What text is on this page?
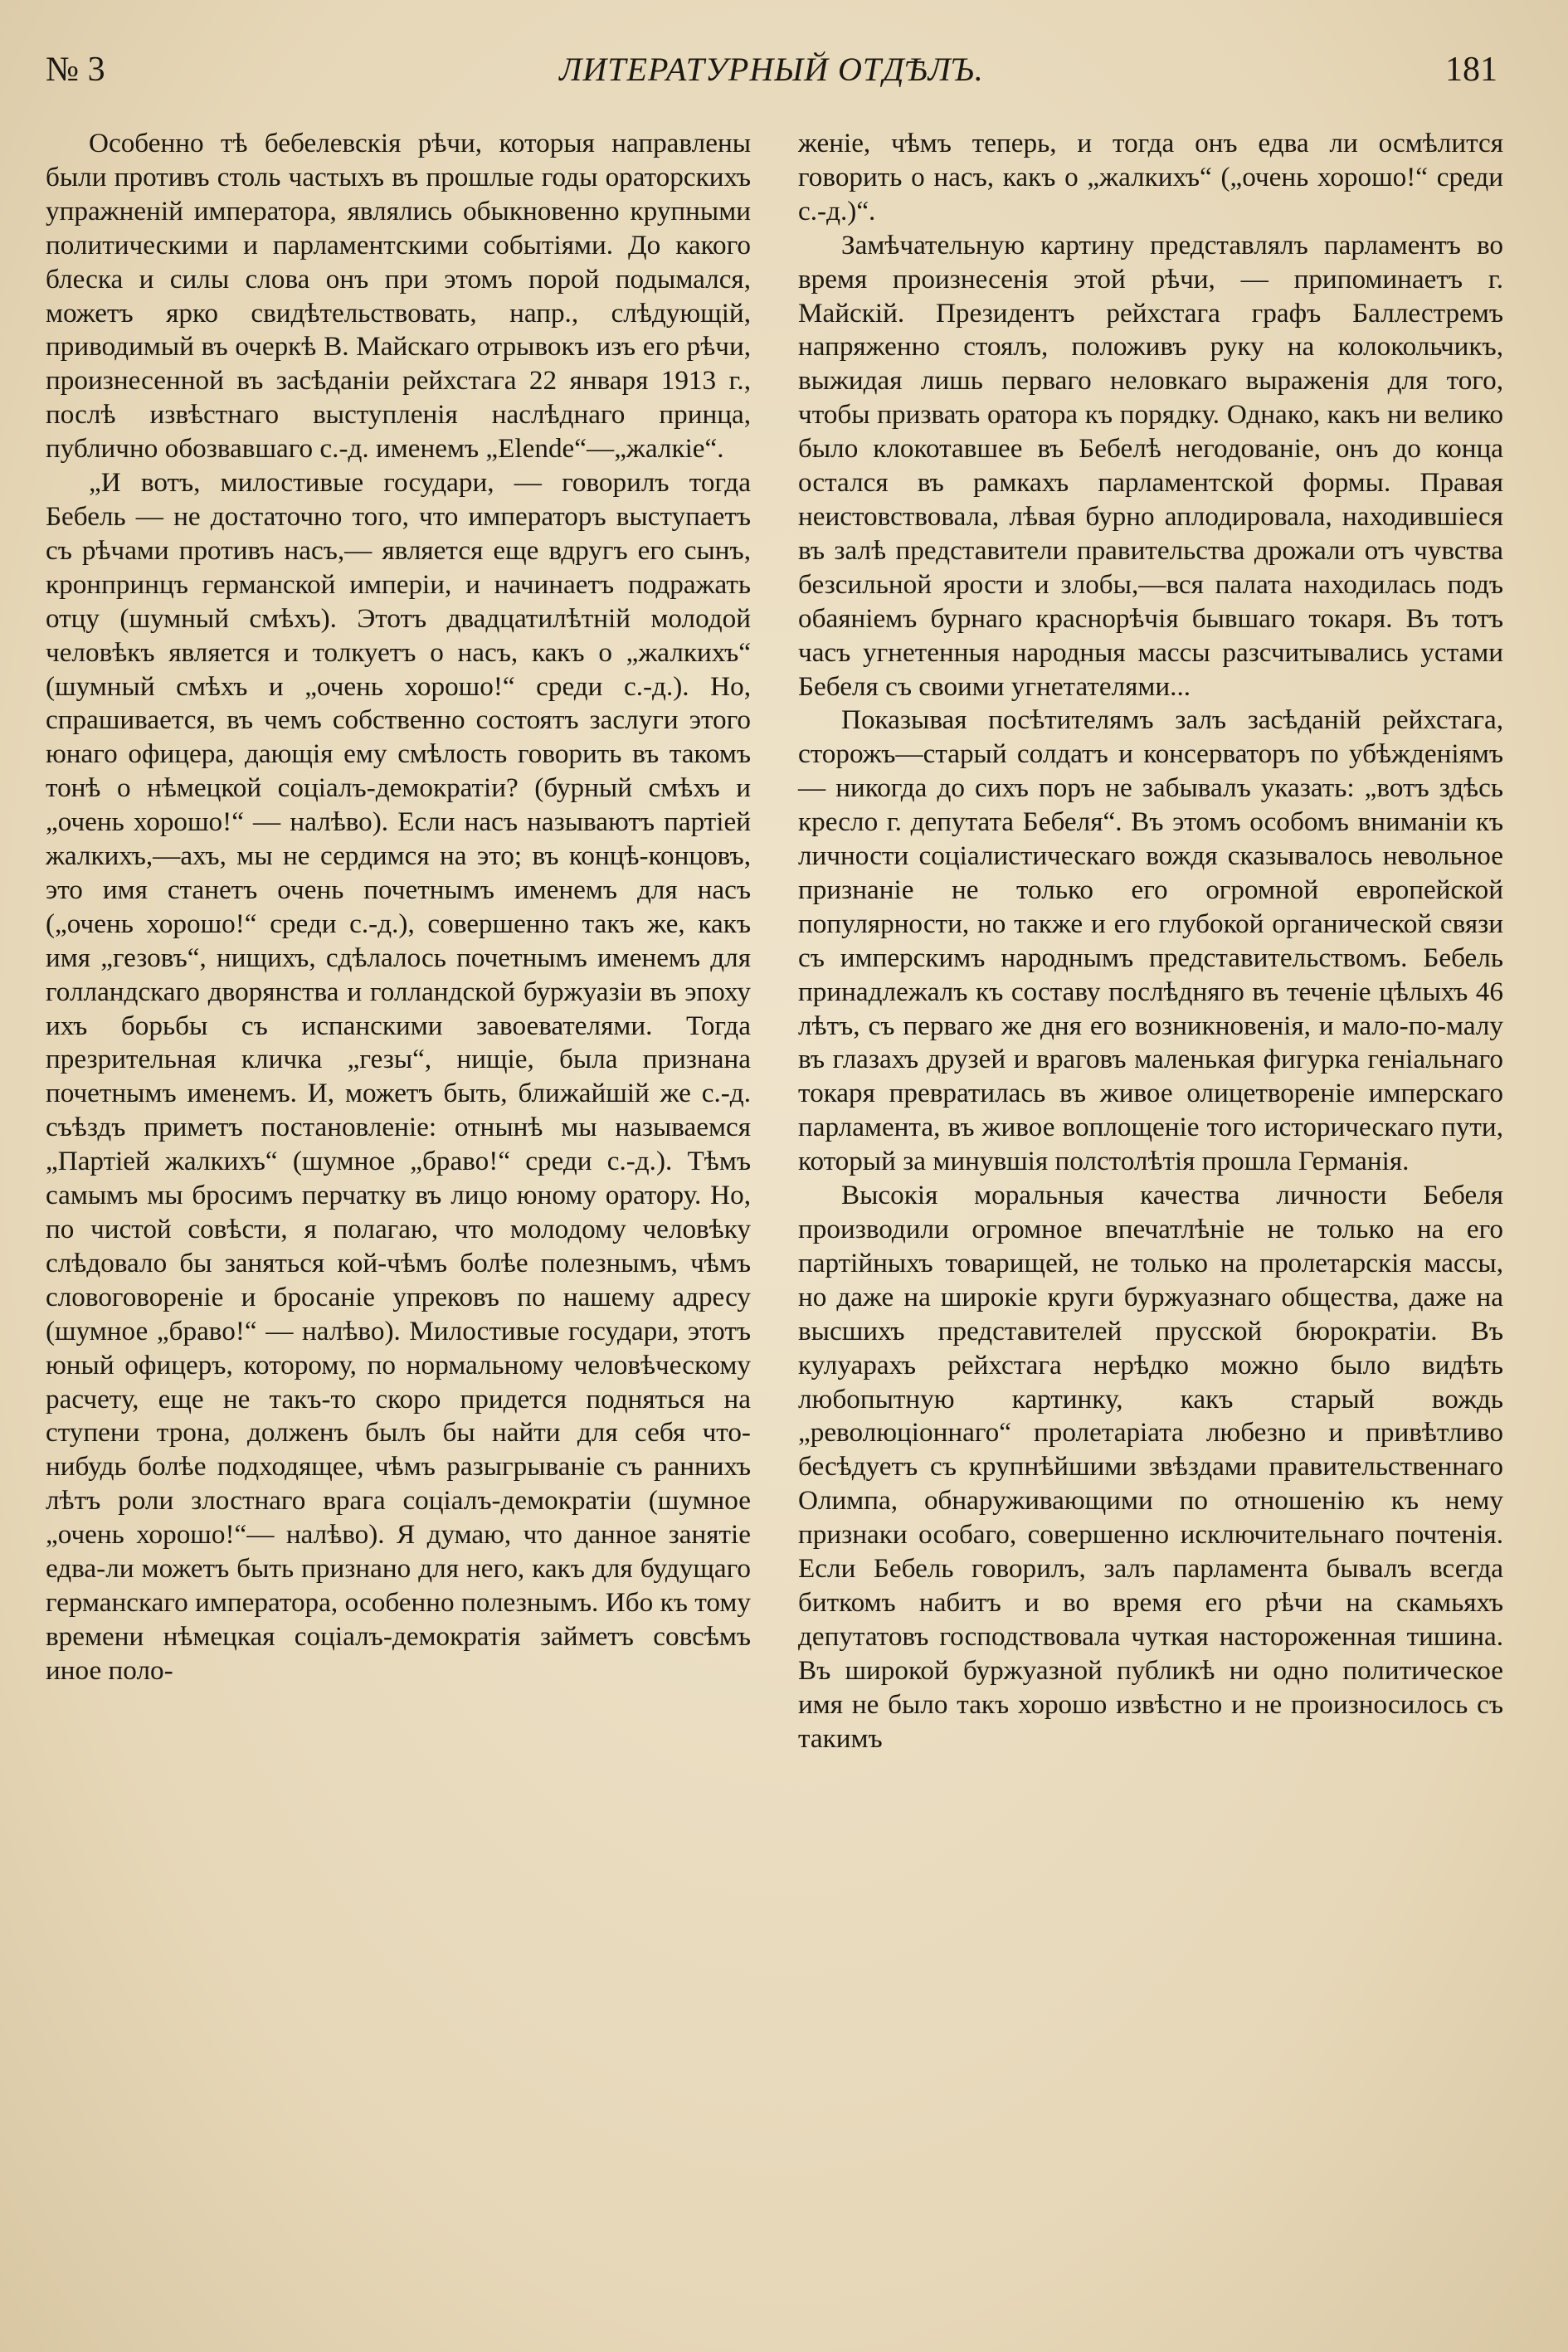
№ 3	ЛИТЕРАТУРНЫЙ ОТДѢЛЪ.	181

Особенно тѣ бебелевскія рѣчи, которыя направлены были противъ столь частыхъ въ прошлые годы ораторскихъ упражненій императора, являлись обыкновенно крупными политическими и парламентскими событіями. До какого блеска и силы слова онъ при этомъ порой подымался, можетъ ярко свидѣтельствовать, напр., слѣдующій, приводимый въ очеркѣ В. Майскаго отрывокъ изъ его рѣчи, произнесенной въ засѣданіи рейхстага 22 января 1913 г., послѣ извѣстнаго выступленія наслѣднаго принца, публично обозвавшаго с.-д. именемъ „Elende“—„жалкіе“.

„И вотъ, милостивые государи, — говорилъ тогда Бебель — не достаточно того, что императоръ выступаетъ съ рѣчами противъ насъ,— является еще вдругъ его сынъ, кронпринцъ германской имперіи, и начинаетъ подражать отцу (шумный смѣхъ). Этотъ двадцатилѣтній молодой человѣкъ является и толкуетъ о насъ, какъ о „жалкихъ“ (шумный смѣхъ и „очень хорошо!“ среди с.-д.). Но, спрашивается, въ чемъ собственно состоятъ заслуги этого юнаго офицера, дающія ему смѣлость говорить въ такомъ тонѣ о нѣмецкой соціалъ-демократіи? (бурный смѣхъ и „очень хорошо!“ — налѣво). Если насъ называютъ партіей жалкихъ,—ахъ, мы не сердимся на это; въ концѣ-концовъ, это имя станетъ очень почетнымъ именемъ для насъ („очень хорошо!“ среди с.-д.), совершенно такъ же, какъ имя „гезовъ“, нищихъ, сдѣлалось почетнымъ именемъ для голландскаго дворянства и голландской буржуазіи въ эпоху ихъ борьбы съ испанскими завоевателями. Тогда презрительная кличка „гезы“, нищіе, была признана почетнымъ именемъ. И, можетъ быть, ближайшій же с.-д. съѣздъ приметъ постановленіе: отнынѣ мы называемся „Партіей жалкихъ“ (шумное „браво!“ среди с.-д.). Тѣмъ самымъ мы бросимъ перчатку въ лицо юному оратору. Но, по чистой совѣсти, я полагаю, что молодому человѣку слѣдовало бы заняться кой-чѣмъ болѣе полезнымъ, чѣмъ словоговореніе и бросаніе упрековъ по нашему адресу (шумное „браво!“ — налѣво). Милостивые государи, этотъ юный офицеръ, которому, по нормальному человѣческому расчету, еще не такъ-то скоро придется подняться на ступени трона, долженъ былъ бы найти для себя что-нибудь болѣе подходящее, чѣмъ разыгрываніе съ раннихъ лѣтъ роли злостнаго врага соціалъ-демократіи (шумное „очень хорошо!“— налѣво). Я думаю, что данное занятіе едва-ли можетъ быть признано для него, какъ для будущаго германскаго императора, особенно полезнымъ. Ибо къ тому времени нѣмецкая соціалъ-демократія займетъ совсѣмъ иное поло-

женіе, чѣмъ теперь, и тогда онъ едва ли осмѣлится говорить о насъ, какъ о „жалкихъ“ („очень хорошо!“ среди с.-д.)“.

Замѣчательную картину представлялъ парламентъ во время произнесенія этой рѣчи, — припоминаетъ г. Майскій. Президентъ рейхстага графъ Баллестремъ напряженно стоялъ, положивъ руку на колокольчикъ, выжидая лишь перваго неловкаго выраженія для того, чтобы призвать оратора къ порядку. Однако, какъ ни велико было клокотавшее въ Бебелѣ негодованіе, онъ до конца остался въ рамкахъ парламентской формы. Правая неистовствовала, лѣвая бурно аплодировала, находившіеся въ залѣ представители правительства дрожали отъ чувства безсильной ярости и злобы,—вся палата находилась подъ обаяніемъ бурнаго краснорѣчія бывшаго токаря. Въ тотъ часъ угнетенныя народныя массы разсчитывались устами Бебеля съ своими угнетателями...

Показывая посѣтителямъ залъ засѣданій рейхстага, сторожъ—старый солдатъ и консерваторъ по убѣжденіямъ — никогда до сихъ поръ не забывалъ указать: „вотъ здѣсь кресло г. депутата Бебеля“. Въ этомъ особомъ вниманіи къ личности соціалистическаго вождя сказывалось невольное признаніе не только его огромной европейской популярности, но также и его глубокой органической связи съ имперскимъ народнымъ представительствомъ. Бебель принадлежалъ къ составу послѣдняго въ теченіе цѣлыхъ 46 лѣтъ, съ перваго же дня его возникновенія, и мало-по-малу въ глазахъ друзей и враговъ маленькая фигурка геніальнаго токаря превратилась въ живое олицетвореніе имперскаго парламента, въ живое воплощеніе того историческаго пути, который за минувшія полстолѣтія прошла Германія.

Высокія моральныя качества личности Бебеля производили огромное впечатлѣніе не только на его партійныхъ товарищей, не только на пролетарскія массы, но даже на широкіе круги буржуазнаго общества, даже на высшихъ представителей прусской бюрократіи. Въ кулуарахъ рейхстага нерѣдко можно было видѣть любопытную картинку, какъ старый вождь „революціоннаго“ пролетаріата любезно и привѣтливо бесѣдуетъ съ крупнѣйшими звѣздами правительственнаго Олимпа, обнаруживающими по отношенію къ нему признаки особаго, совершенно исключительнаго почтенія. Если Бебель говорилъ, залъ парламента бывалъ всегда биткомъ набитъ и во время его рѣчи на скамьяхъ депутатовъ господствовала чуткая настороженная тишина. Въ широкой буржуазной публикѣ ни одно политическое имя не было такъ хорошо извѣстно и не произносилось съ такимъ
